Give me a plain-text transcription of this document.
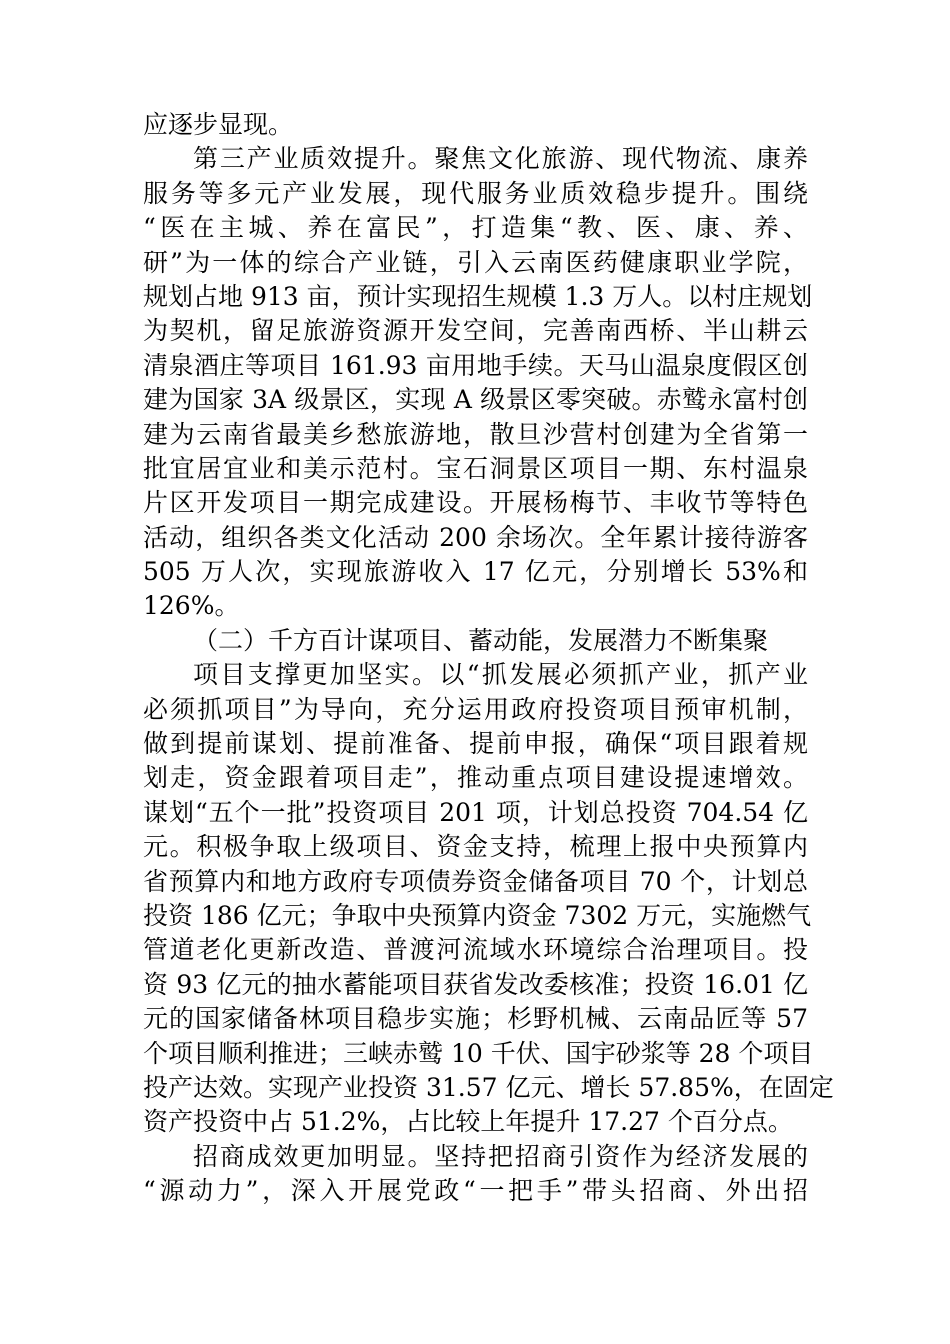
应逐步显现。
第三产业质效提升。聚焦文化旅游、现代物流、康养
服务等多元产业发展，现代服务业质效稳步提升。围绕
“医在主城、养在富民”，打造集“教、医、康、养、
研”为一体的综合产业链，引入云南医药健康职业学院，
规划占地 913 亩，预计实现招生规模 1.3 万人。以村庄规划
为契机，留足旅游资源开发空间，完善南西桥、半山耕云
清泉酒庄等项目 161.93 亩用地手续。天马山温泉度假区创
建为国家 3A 级景区，实现 A 级景区零突破。赤鹫永富村创
建为云南省最美乡愁旅游地，散旦沙营村创建为全省第一
批宜居宜业和美示范村。宝石洞景区项目一期、东村温泉
片区开发项目一期完成建设。开展杨梅节、丰收节等特色
活动，组织各类文化活动 200 余场次。全年累计接待游客
505 万人次，实现旅游收入 17 亿元，分别增长 53%和
126%。
（二）千方百计谋项目、蓄动能，发展潜力不断集聚
项目支撑更加坚实。以“抓发展必须抓产业，抓产业
必须抓项目”为导向，充分运用政府投资项目预审机制，
做到提前谋划、提前准备、提前申报，确保“项目跟着规
划走，资金跟着项目走”，推动重点项目建设提速增效。
谋划“五个一批”投资项目 201 项，计划总投资 704.54 亿
元。积极争取上级项目、资金支持，梳理上报中央预算内
省预算内和地方政府专项债券资金储备项目 70 个，计划总
投资 186 亿元；争取中央预算内资金 7302 万元，实施燃气
管道老化更新改造、普渡河流域水环境综合治理项目。投
资 93 亿元的抽水蓄能项目获省发改委核准；投资 16.01 亿
元的国家储备林项目稳步实施；杉野机械、云南品匠等 57
个项目顺利推进；三峡赤鹫 10 千伏、国宇砂浆等 28 个项目
投产达效。实现产业投资 31.57 亿元、增长 57.85%，在固定
资产投资中占 51.2%，占比较上年提升 17.27 个百分点。
招商成效更加明显。坚持把招商引资作为经济发展的
“源动力”，深入开展党政“一把手”带头招商、外出招
